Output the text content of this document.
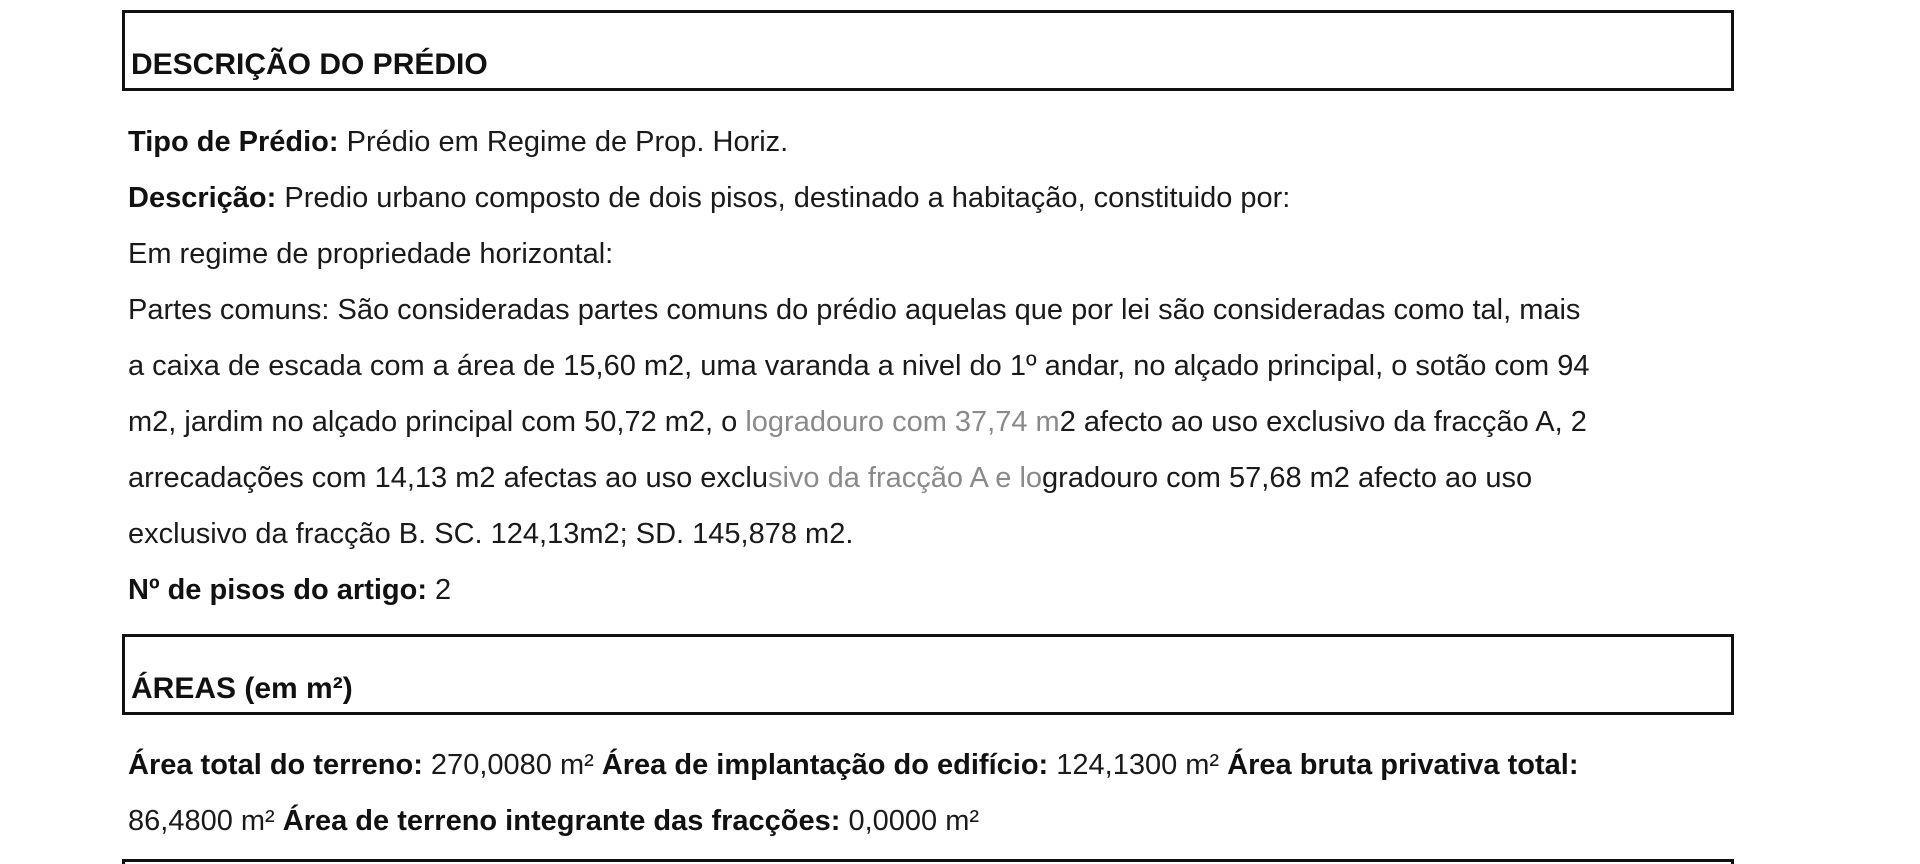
DESCRIÇÃO DO PRÉDIO
Tipo de Prédio: Prédio em Regime de Prop. Horiz.
Descrição: Predio urbano composto de dois pisos, destinado a habitação, constituido por:
Em regime de propriedade horizontal:
Partes comuns: São consideradas partes comuns do prédio aquelas que por lei são consideradas como tal, mais
a caixa de escada com a área de 15,60 m2, uma varanda a nivel do 1º andar, no alçado principal, o sotão com 94
m2, jardim no alçado principal com 50,72 m2, o logradouro com 37,74 m2 afecto ao uso exclusivo da fracção A, 2
arrecadações com 14,13 m2 afectas ao uso exclusivo da fracção A e logradouro com 57,68 m2 afecto ao uso
exclusivo da fracção B. SC. 124,13m2; SD. 145,878 m2.
Nº de pisos do artigo: 2
ÁREAS (em m²)
Área total do terreno: 270,0080 m² Área de implantação do edifício: 124,1300 m² Área bruta privativa total:
86,4800 m² Área de terreno integrante das fracções: 0,0000 m²
